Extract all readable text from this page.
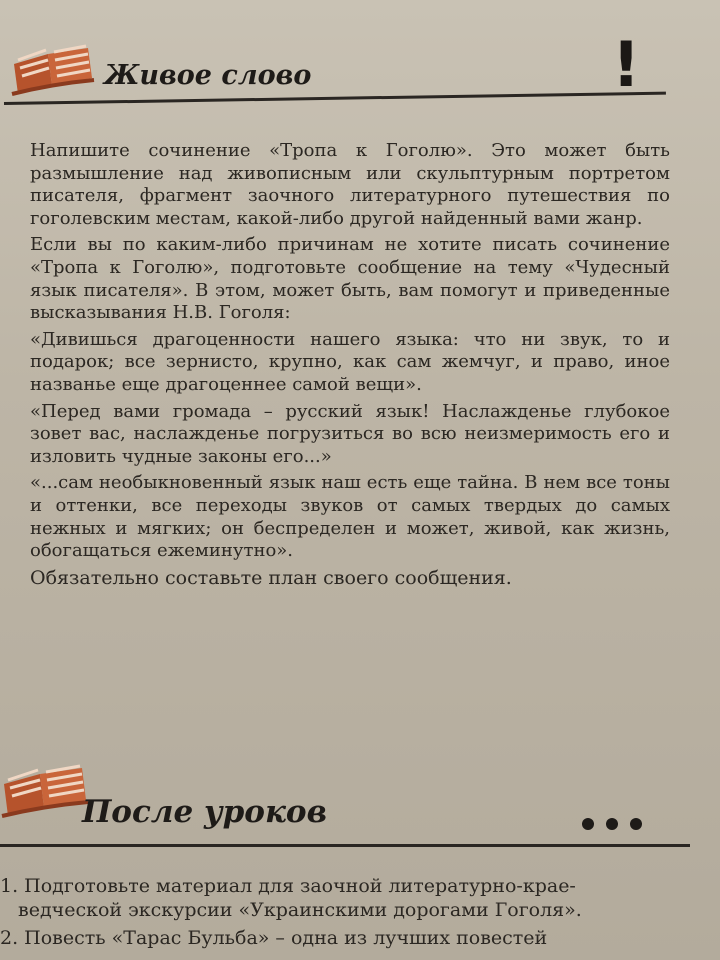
Живое слово	!

Напишите сочинение «Тропа к Гоголю». Это может быть размышление над живописным или скульптурным портретом писателя, фрагмент заочного литературного путешествия по гоголевским местам, какой-либо другой найденный вами жанр.

Если вы по каким-либо причинам не хотите писать сочинение «Тропа к Гоголю», подготовьте сообщение на тему «Чудесный язык писателя». В этом, может быть, вам помогут и приведенные высказывания Н.В. Гоголя:

«Дивишься драгоценности нашего языка: что ни звук, то и подарок; все зернисто, крупно, как сам жемчуг, и право, иное названье еще драгоценнее самой вещи».

«Перед вами громада – русский язык! Наслажденье глубокое зовет вас, наслажденье погрузиться во всю неизмеримость его и изловить чудные законы его...»

«...сам необыкновенный язык наш есть еще тайна. В нем все тоны и оттенки, все переходы звуков от самых твердых до самых нежных и мягких; он беспределен и может, живой, как жизнь, обогащаться ежеминутно».

Обязательно составьте план своего сообщения.

После уроков

1. Подготовьте материал для заочной литературно-крае-

ведческой экскурсии «Украинскими дорогами Гоголя».

2. Повесть «Тарас Бульба» – одна из лучших повестей
